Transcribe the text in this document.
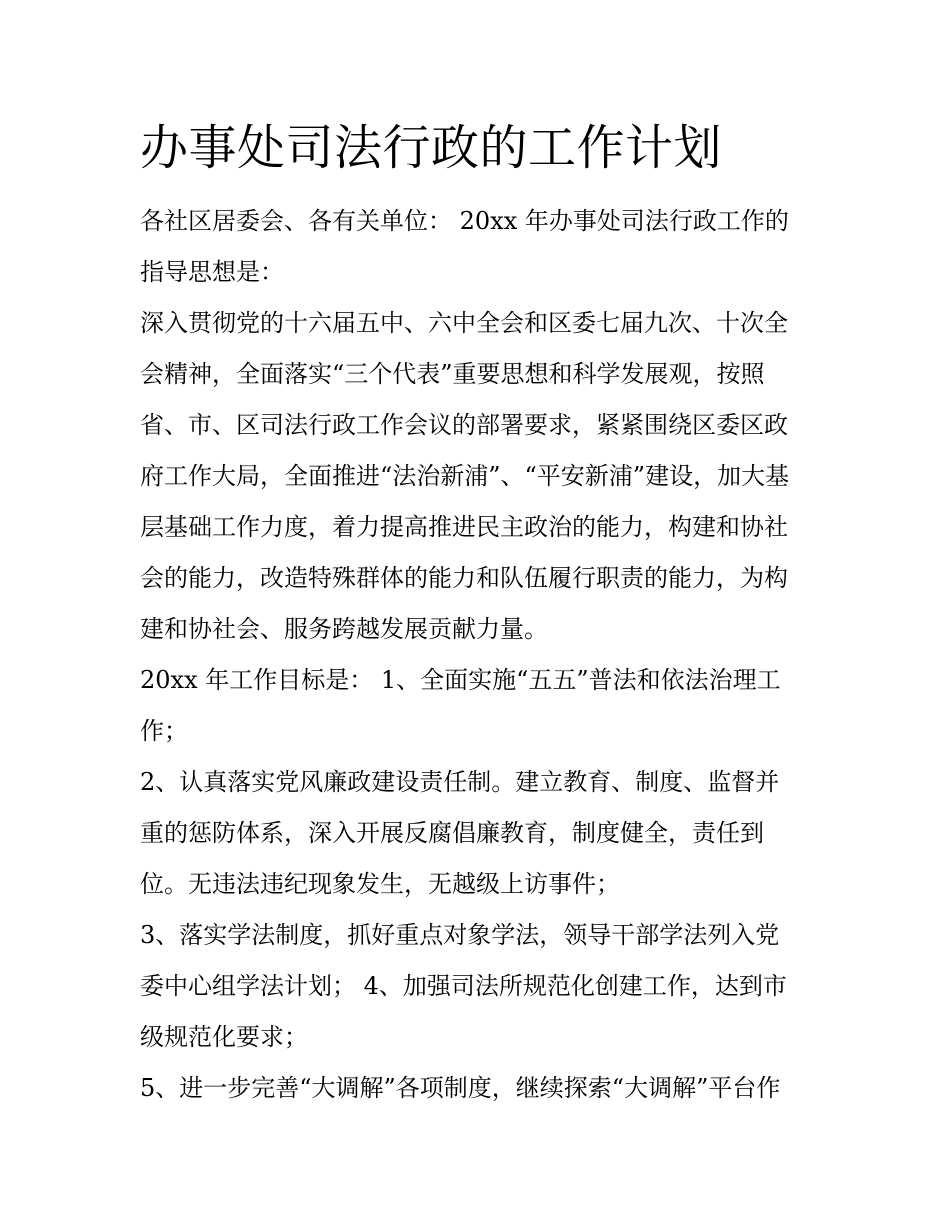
办事处司法行政的工作计划

各社区居委会、各有关单位： 20xx 年办事处司法行政工作的

指导思想是：

深入贯彻党的十六届五中、六中全会和区委七届九次、十次全

会精神，全面落实“三个代表”重要思想和科学发展观，按照

省、市、区司法行政工作会议的部署要求，紧紧围绕区委区政

府工作大局，全面推进“法治新浦”、“平安新浦”建设，加大基

层基础工作力度，着力提高推进民主政治的能力，构建和协社

会的能力，改造特殊群体的能力和队伍履行职责的能力，为构

建和协社会、服务跨越发展贡献力量。

20xx 年工作目标是： 1、全面实施“五五”普法和依法治理工

作；

2、认真落实党风廉政建设责任制。建立教育、制度、监督并

重的惩防体系，深入开展反腐倡廉教育，制度健全，责任到

位。无违法违纪现象发生，无越级上访事件；

3、落实学法制度，抓好重点对象学法，领导干部学法列入党

委中心组学法计划； 4、加强司法所规范化创建工作，达到市

级规范化要求；

5、进一步完善“大调解”各项制度，继续探索“大调解”平台作
